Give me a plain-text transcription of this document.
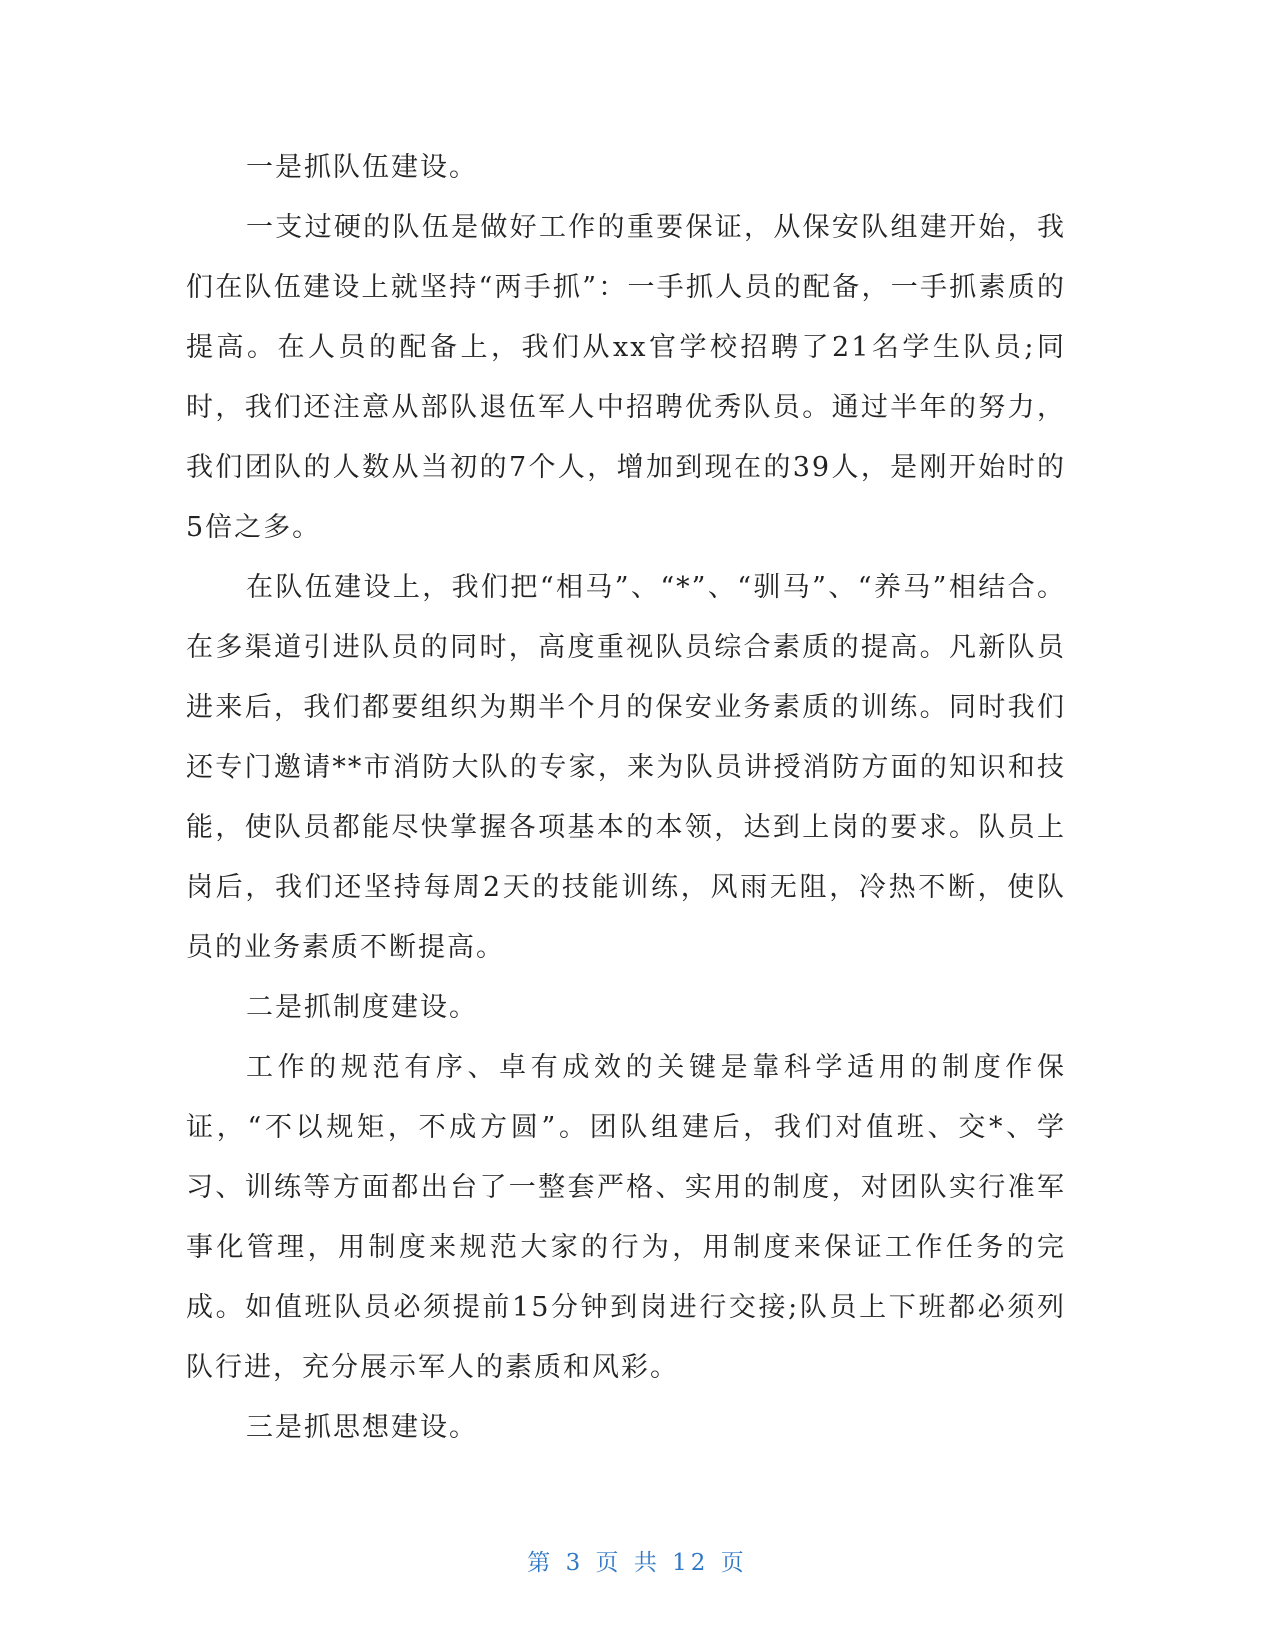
一是抓队伍建设。

一支过硬的队伍是做好工作的重要保证，从保安队组建开始，我们在队伍建设上就坚持“两手抓”：一手抓人员的配备，一手抓素质的提高。在人员的配备上，我们从xx官学校招聘了21名学生队员;同时，我们还注意从部队退伍军人中招聘优秀队员。通过半年的努力，我们团队的人数从当初的7个人，增加到现在的39人，是刚开始时的5倍之多。

在队伍建设上，我们把“相马”、“*”、“驯马”、“养马”相结合。在多渠道引进队员的同时，高度重视队员综合素质的提高。凡新队员进来后，我们都要组织为期半个月的保安业务素质的训练。同时我们还专门邀请**市消防大队的专家，来为队员讲授消防方面的知识和技能，使队员都能尽快掌握各项基本的本领，达到上岗的要求。队员上岗后，我们还坚持每周2天的技能训练，风雨无阻，冷热不断，使队员的业务素质不断提高。

二是抓制度建设。

工作的规范有序、卓有成效的关键是靠科学适用的制度作保证，“不以规矩，不成方圆”。团队组建后，我们对值班、交*、学习、训练等方面都出台了一整套严格、实用的制度，对团队实行准军事化管理，用制度来规范大家的行为，用制度来保证工作任务的完成。如值班队员必须提前15分钟到岗进行交接;队员上下班都必须列队行进，充分展示军人的素质和风彩。

三是抓思想建设。

第 3 页 共 12 页
